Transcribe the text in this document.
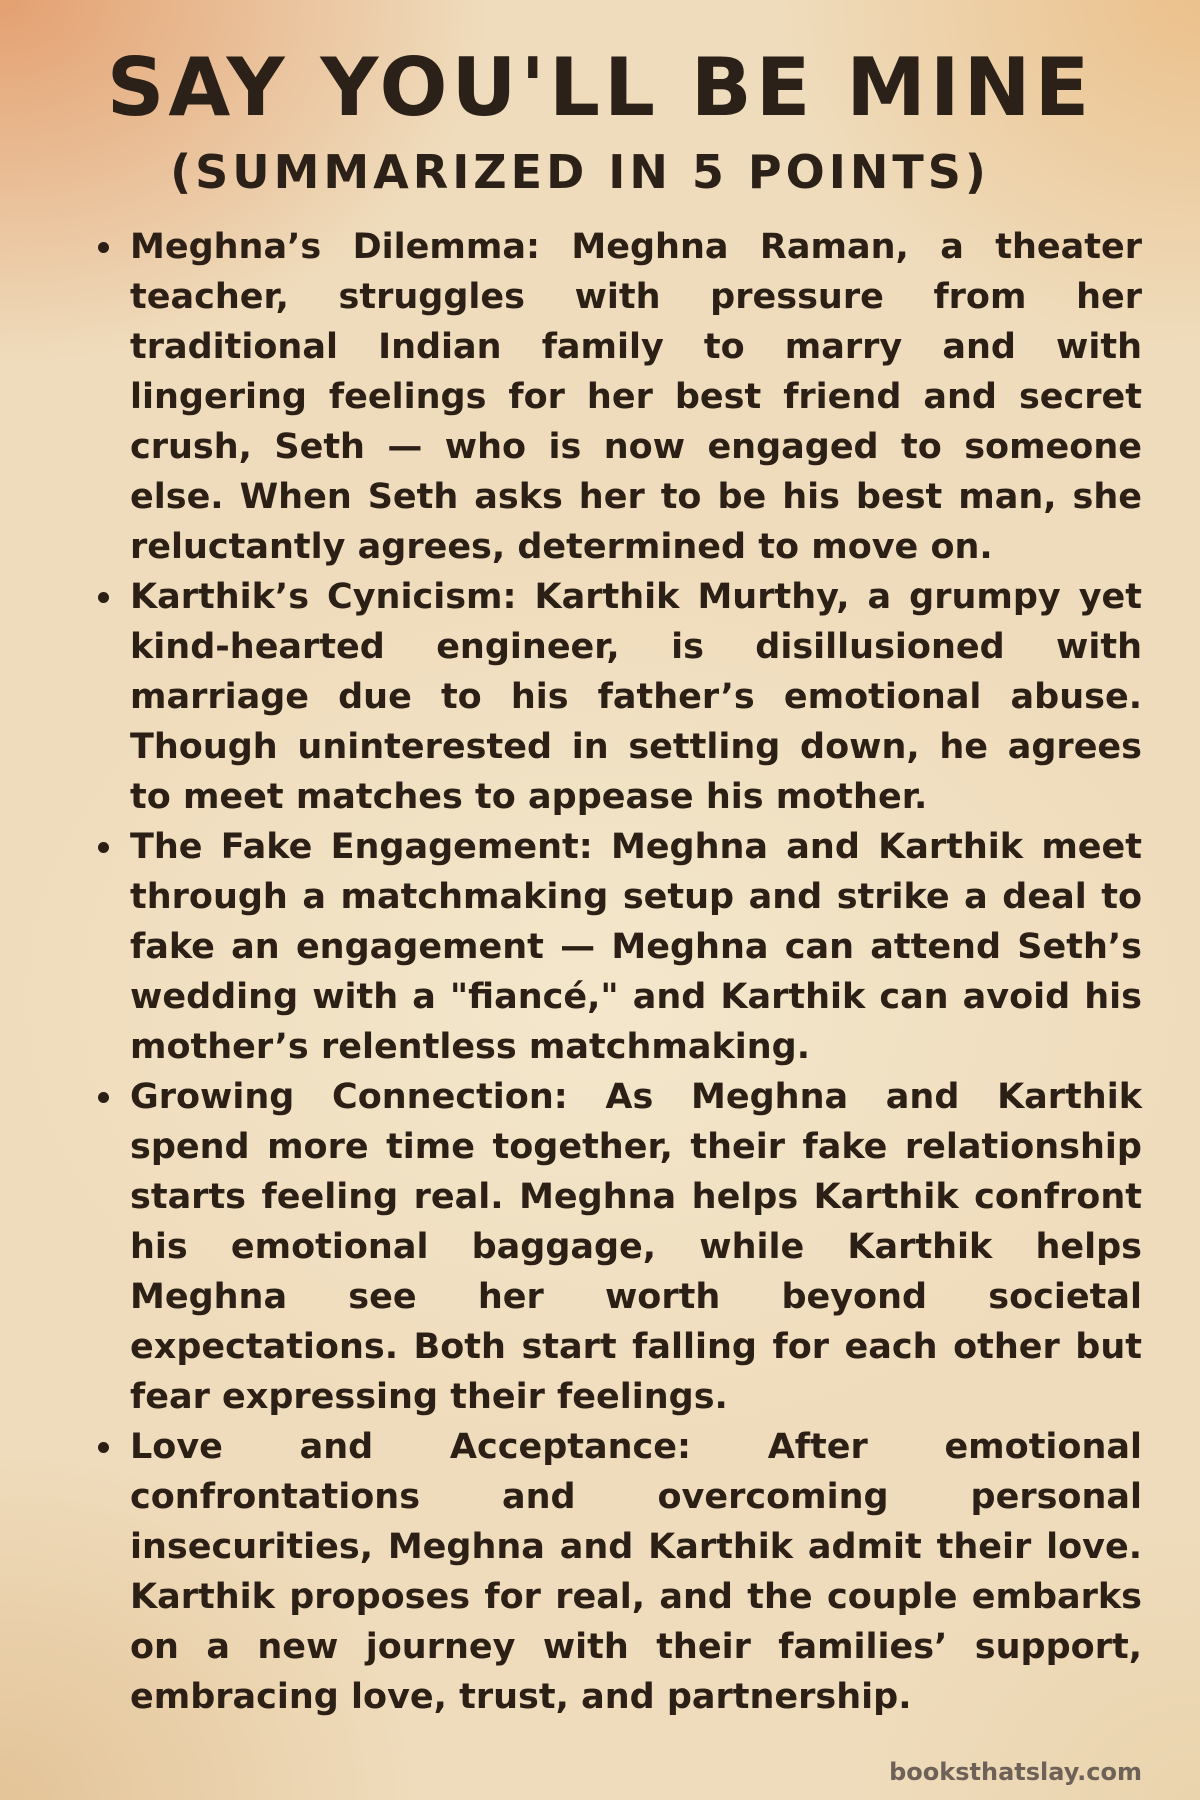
SAY YOU'LL BE MINE
(SUMMARIZED IN 5 POINTS)
Meghna’s Dilemma: Meghna Raman, a theater teacher, struggles with pressure from her traditional Indian family to marry and with lingering feelings for her best friend and secret crush, Seth — who is now engaged to someone else. When Seth asks her to be his best man, she reluctantly agrees, determined to move on.
Karthik’s Cynicism: Karthik Murthy, a grumpy yet kind-hearted engineer, is disillusioned with marriage due to his father’s emotional abuse. Though uninterested in settling down, he agrees to meet matches to appease his mother.
The Fake Engagement: Meghna and Karthik meet through a matchmaking setup and strike a deal to fake an engagement — Meghna can attend Seth’s wedding with a "fiancé," and Karthik can avoid his mother’s relentless matchmaking.
Growing Connection: As Meghna and Karthik spend more time together, their fake relationship starts feeling real. Meghna helps Karthik confront his emotional baggage, while Karthik helps Meghna see her worth beyond societal expectations. Both start falling for each other but fear expressing their feelings.
Love and Acceptance: After emotional confrontations and overcoming personal insecurities, Meghna and Karthik admit their love. Karthik proposes for real, and the couple embarks on a new journey with their families’ support, embracing love, trust, and partnership.
booksthatslay.com
